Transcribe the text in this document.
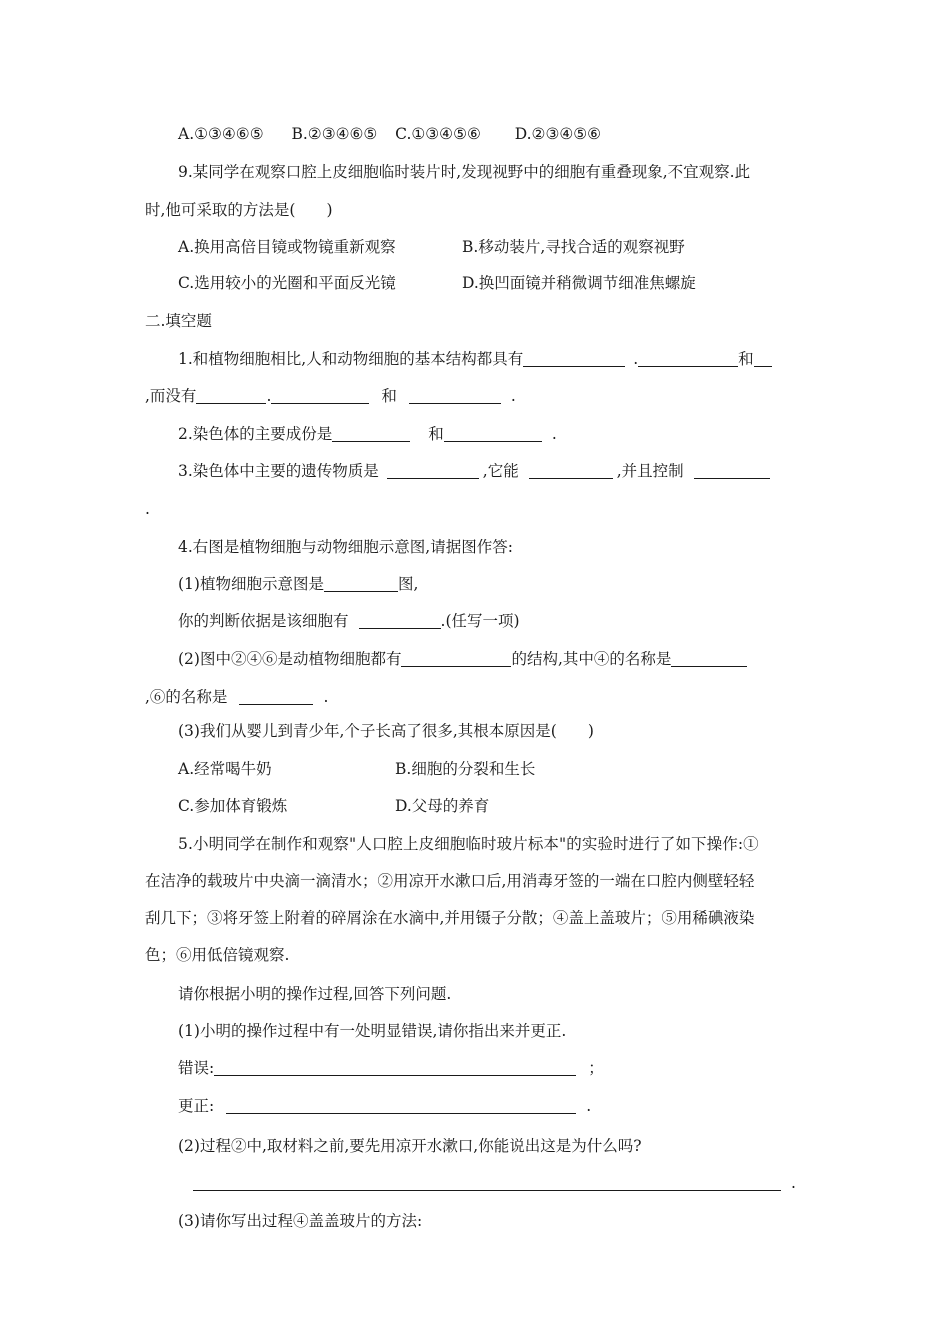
A.①③④⑥⑤ B.②③④⑥⑤ C.①③④⑤⑥ D.②③④⑤⑥
9.某同学在观察口腔上皮细胞临时装片时,发现视野中的细胞有重叠现象,不宜观察.此
时,他可采取的方法是(　　)
A.换用高倍目镜或物镜重新观察	B.移动装片,寻找合适的观察视野
C.选用较小的光圈和平面反光镜	D.换凹面镜并稍微调节细准焦螺旋
二.填空题
1.和植物细胞相比,人和动物细胞的基本结构都具有	.	和
,而没有	.	和	.
2.染色体的主要成份是	和	.
3.染色体中主要的遗传物质是	,它能	,并且控制
.
4.右图是植物细胞与动物细胞示意图,请据图作答:
(1)植物细胞示意图是	图,
你的判断依据是该细胞有	.(任写一项)
(2)图中②④⑥是动植物细胞都有	的结构,其中④的名称是
,⑥的名称是	.
(3)我们从婴儿到青少年,个子长高了很多,其根本原因是(　　)
A.经常喝牛奶	B.细胞的分裂和生长
C.参加体育锻炼	D.父母的养育
5.小明同学在制作和观察"人口腔上皮细胞临时玻片标本"的实验时进行了如下操作:①
在洁净的载玻片中央滴一滴清水；②用凉开水漱口后,用消毒牙签的一端在口腔内侧壁轻轻
刮几下；③将牙签上附着的碎屑涂在水滴中,并用镊子分散；④盖上盖玻片；⑤用稀碘液染
色；⑥用低倍镜观察.
请你根据小明的操作过程,回答下列问题.
(1)小明的操作过程中有一处明显错误,请你指出来并更正.
错误:	；
更正:	.
(2)过程②中,取材料之前,要先用凉开水漱口,你能说出这是为什么吗?
.
(3)请你写出过程④盖盖玻片的方法:
